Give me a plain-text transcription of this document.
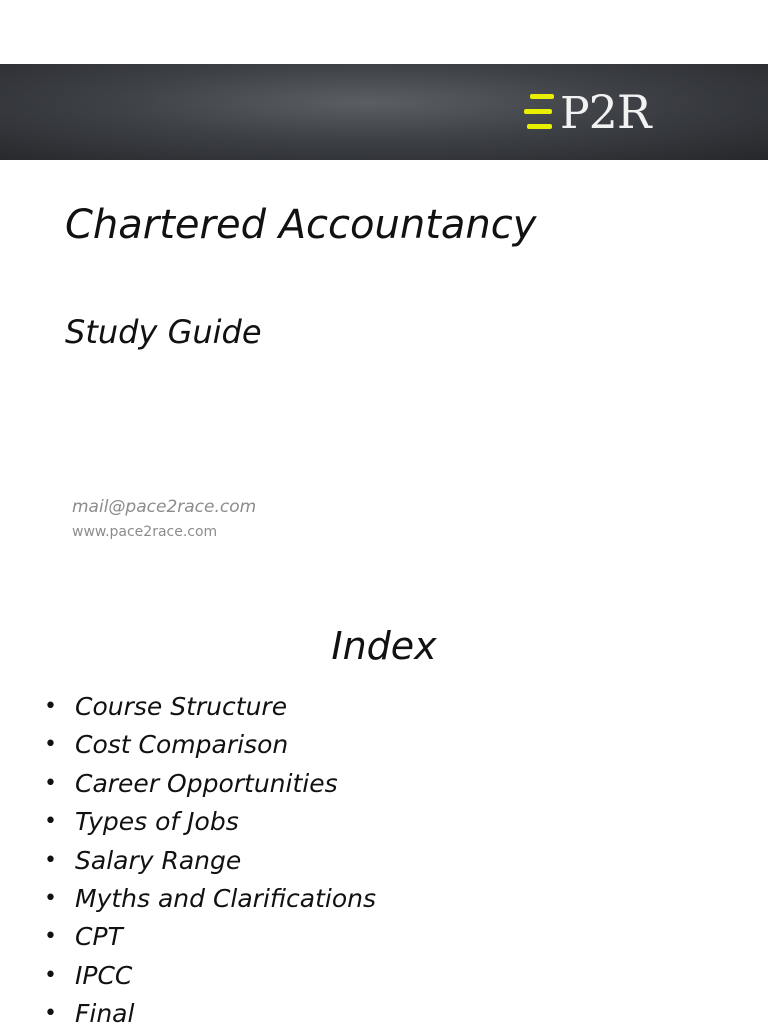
P2R
Chartered Accountancy
Study Guide
mail@pace2race.com
www.pace2race.com
Index
• Course Structure
• Cost Comparison
• Career Opportunities
• Types of Jobs
• Salary Range
• Myths and Clarifications
• CPT
• IPCC
• Final
